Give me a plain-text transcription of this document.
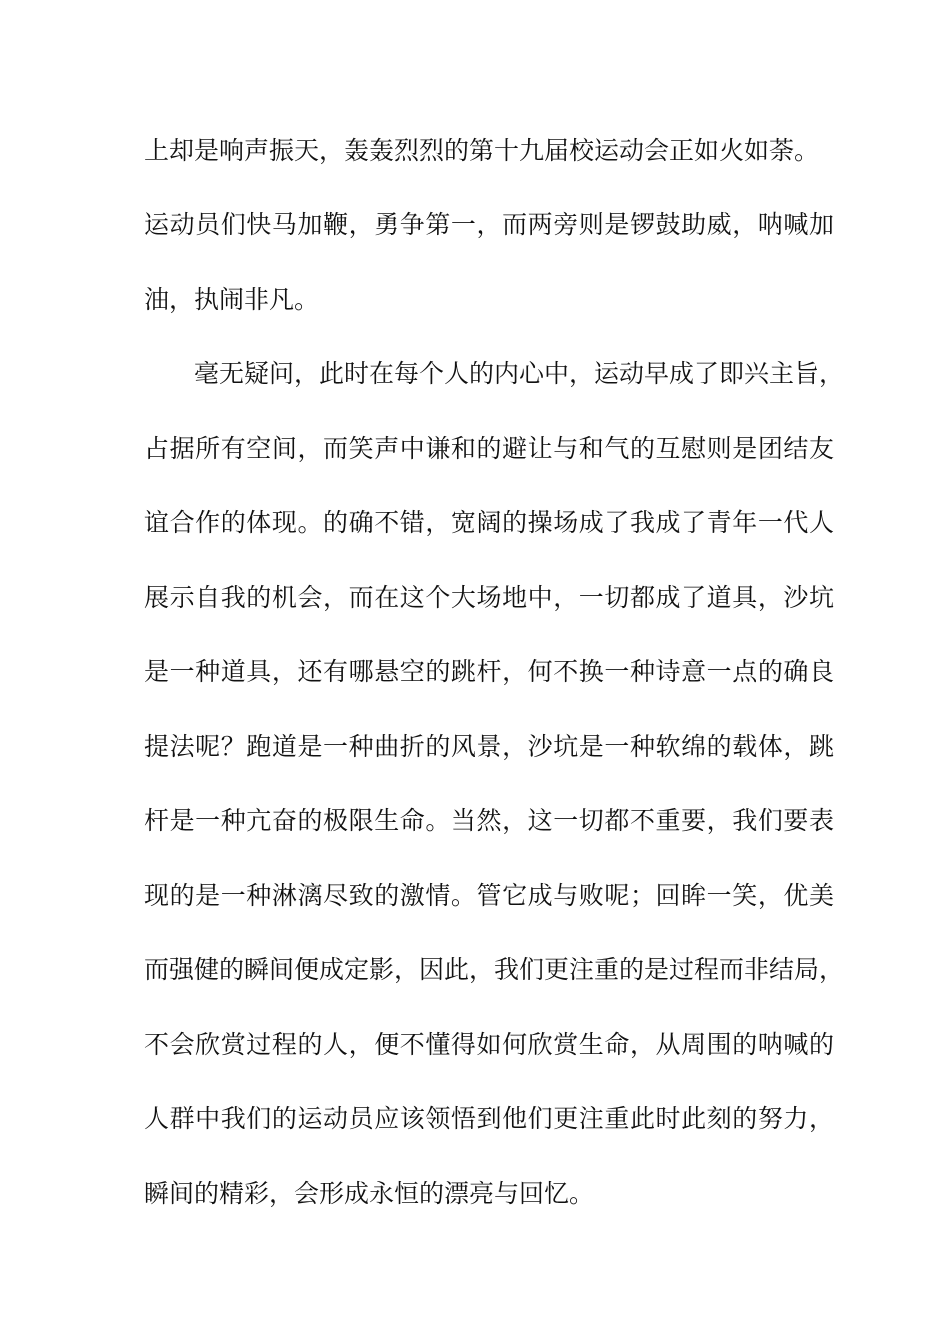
上却是响声振天，轰轰烈烈的第十九届校运动会正如火如荼。
运动员们快马加鞭，勇争第一，而两旁则是锣鼓助威，呐喊加
油，执闹非凡。
毫无疑问，此时在每个人的内心中，运动早成了即兴主旨，
占据所有空间，而笑声中谦和的避让与和气的互慰则是团结友
谊合作的体现。的确不错，宽阔的操场成了我成了青年一代人
展示自我的机会，而在这个大场地中，一切都成了道具，沙坑
是一种道具，还有哪悬空的跳杆，何不换一种诗意一点的确良
提法呢？跑道是一种曲折的风景，沙坑是一种软绵的载体，跳
杆是一种亢奋的极限生命。当然，这一切都不重要，我们要表
现的是一种淋漓尽致的激情。管它成与败呢；回眸一笑，优美
而强健的瞬间便成定影，因此，我们更注重的是过程而非结局，
不会欣赏过程的人，便不懂得如何欣赏生命，从周围的呐喊的
人群中我们的运动员应该领悟到他们更注重此时此刻的努力，
瞬间的精彩，会形成永恒的漂亮与回忆。
